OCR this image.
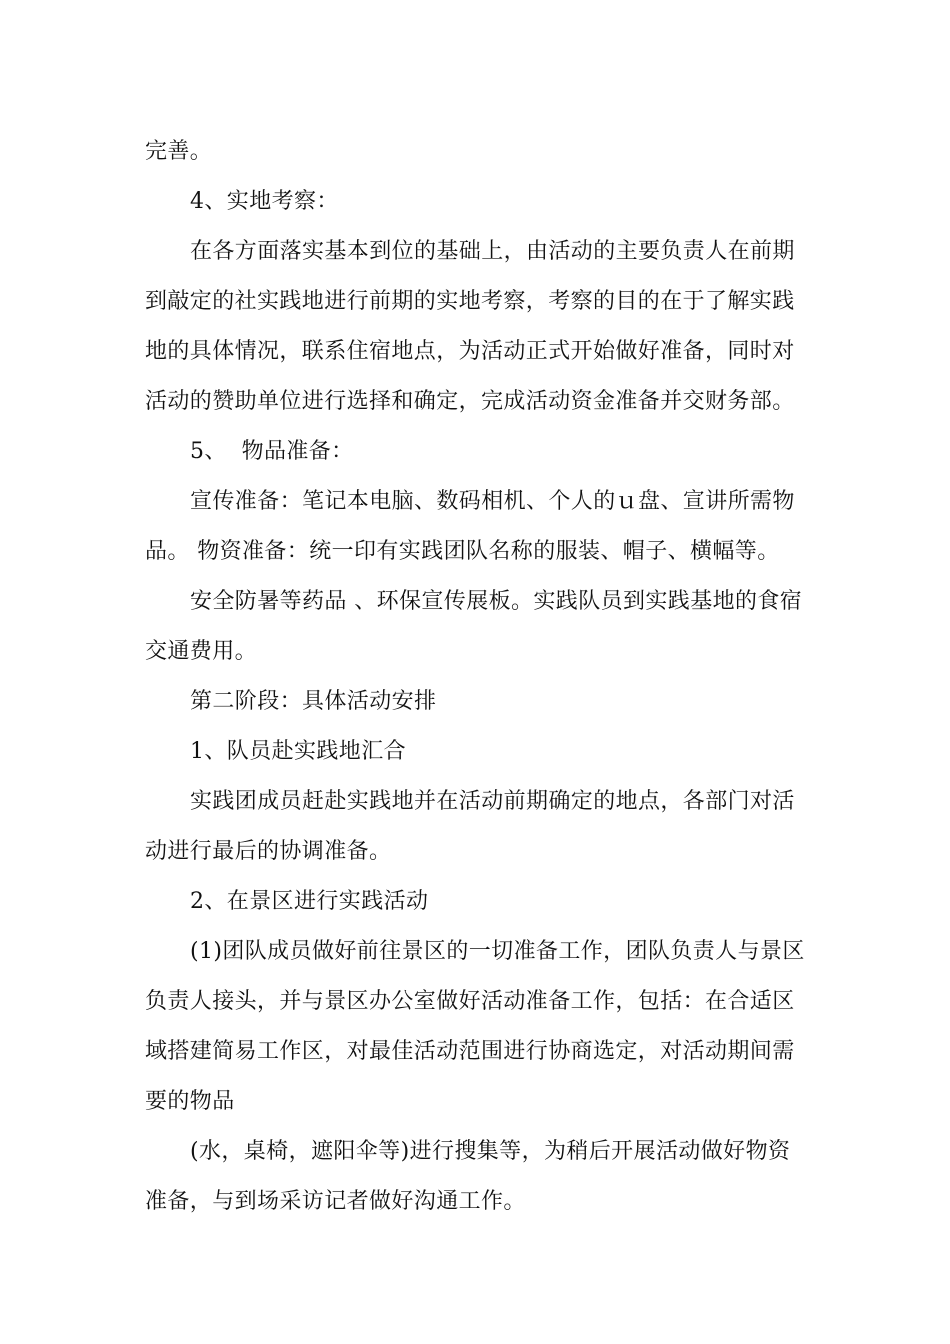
完善。
4、实地考察：
在各方面落实基本到位的基础上，由活动的主要负责人在前期
到敲定的社实践地进行前期的实地考察，考察的目的在于了解实践
地的具体情况，联系住宿地点，为活动正式开始做好准备，同时对
活动的赞助单位进行选择和确定，完成活动资金准备并交财务部。
5、  物品准备：
宣传准备：笔记本电脑、数码相机、个人的ｕ盘、宣讲所需物
品。 物资准备：统一印有实践团队名称的服装、帽子、横幅等。
安全防暑等药品 、环保宣传展板。实践队员到实践基地的食宿
交通费用。
第二阶段：具体活动安排
1、队员赴实践地汇合
实践团成员赶赴实践地并在活动前期确定的地点，各部门对活
动进行最后的协调准备。
2、在景区进行实践活动
(1)团队成员做好前往景区的一切准备工作，团队负责人与景区
负责人接头，并与景区办公室做好活动准备工作，包括：在合适区
域搭建简易工作区，对最佳活动范围进行协商选定，对活动期间需
要的物品
(水，桌椅，遮阳伞等)进行搜集等，为稍后开展活动做好物资
准备，与到场采访记者做好沟通工作。
